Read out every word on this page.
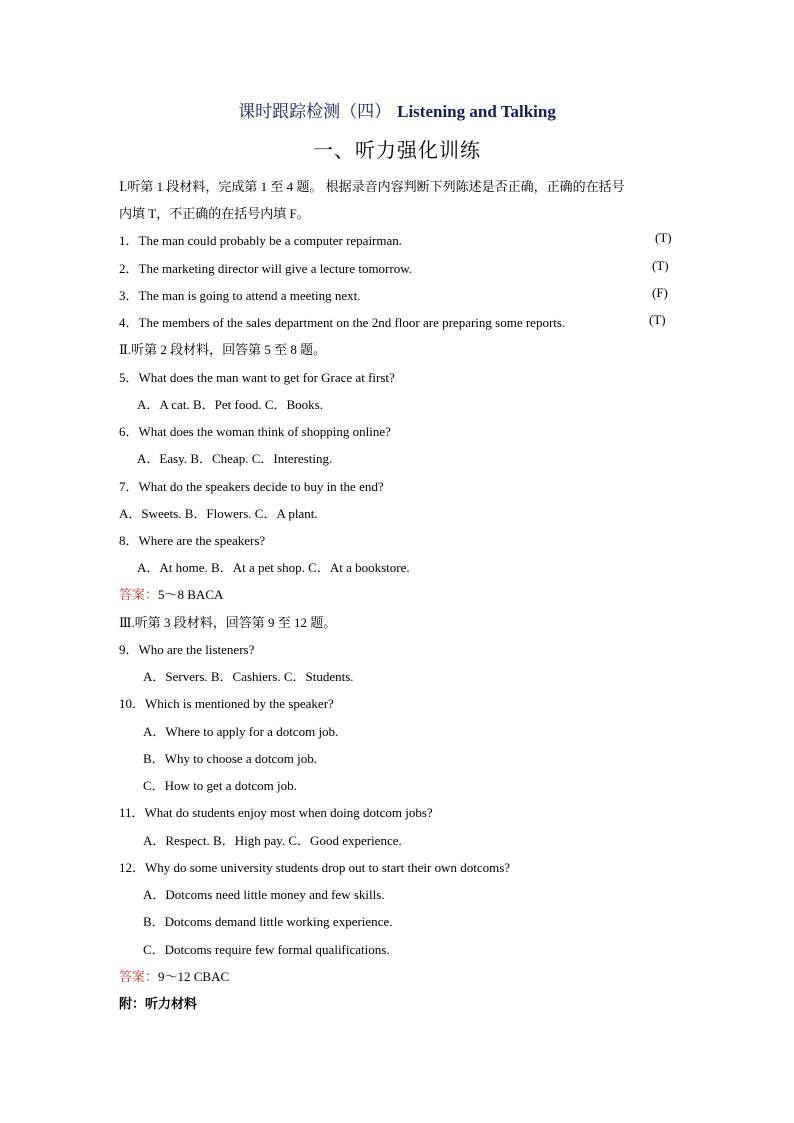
课时跟踪检测（四） Listening and Talking
一、听力强化训练
Ⅰ.听第 1 段材料，完成第 1 至 4 题。 根据录音内容判断下列陈述是否正确，正确的在括号
内填 T，不正确的在括号内填 F。
1．The man could probably be a computer repairman.	(T)
2．The marketing director will give a lecture tomorrow.	(T)
3．The man is going to attend a meeting next.	(F)
4．The members of the sales department on the 2nd floor are preparing some reports.	(T)
Ⅱ.听第 2 段材料，回答第 5 至 8 题。
5．What does the man want to get for Grace at first?
A．A cat. B．Pet food. C．Books.
6．What does the woman think of shopping online?
A．Easy. B．Cheap. C．Interesting.
7．What do the speakers decide to buy in the end?
A．Sweets. B．Flowers. C．A plant.
8．Where are the speakers?
A．At home. B．At a pet shop. C．At a bookstore.
答案：5～8 BACA
Ⅲ.听第 3 段材料，回答第 9 至 12 题。
9．Who are the listeners?
A．Servers. B．Cashiers. C．Students.
10．Which is mentioned by the speaker?
A．Where to apply for a dotcom job.
B．Why to choose a dotcom job.
C．How to get a dotcom job.
11．What do students enjoy most when doing dotcom jobs?
A．Respect. B．High pay. C．Good experience.
12．Why do some university students drop out to start their own dotcoms?
A．Dotcoms need little money and few skills.
B．Dotcoms demand little working experience.
C．Dotcoms require few formal qualifications.
答案：9～12 CBAC
附：听力材料
